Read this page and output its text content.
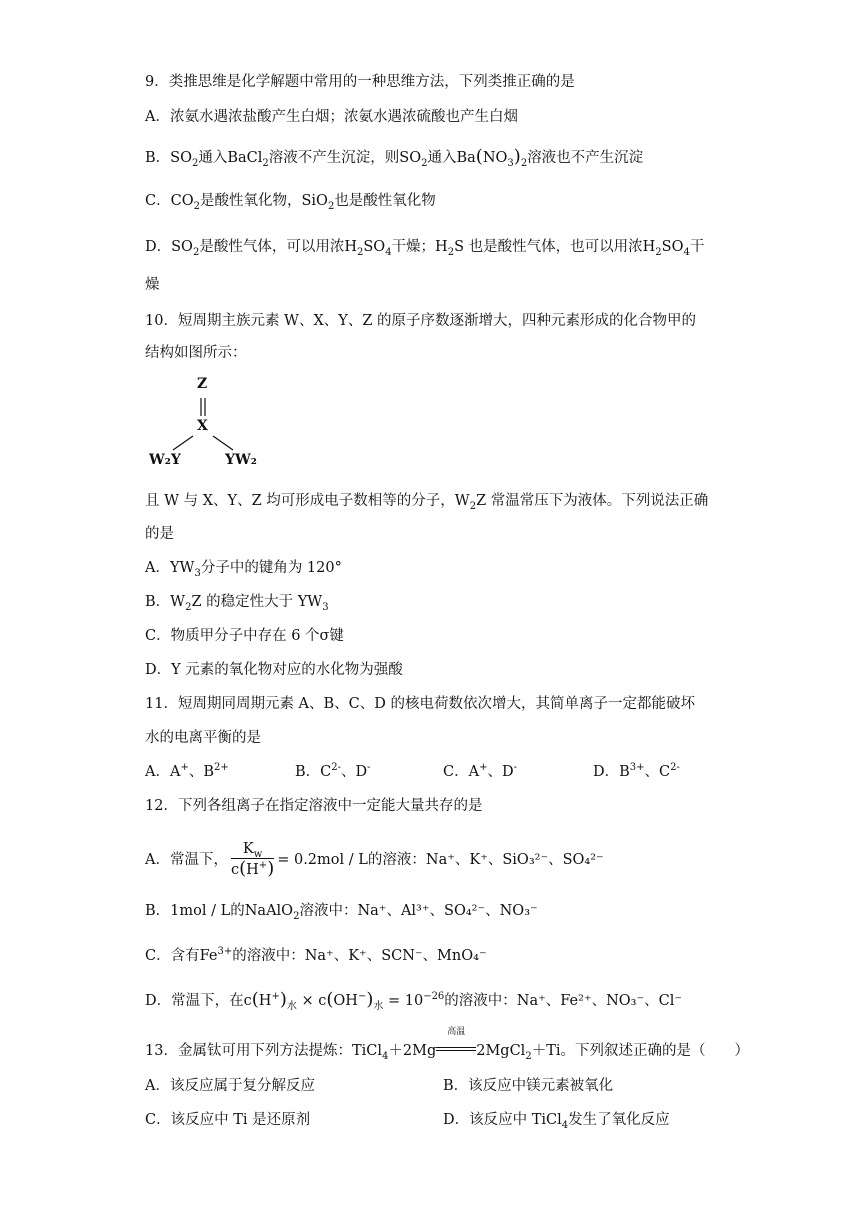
9．类推思维是化学解题中常用的一种思维方法，下列类推正确的是
A．浓氨水遇浓盐酸产生白烟；浓氨水遇浓硫酸也产生白烟
B．$SO_2$通入BaCl$_2$溶液不产生沉淀，则$SO_2$通入$Ba(NO_3)_2$溶液也不产生沉淀
C．$CO_2$是酸性氧化物，SiO$_2$也是酸性氧化物
D．$SO_2$是酸性气体，可以用浓$H_2SO_4$干燥；$H_2S$ 也是酸性气体，也可以用浓$H_2SO_4$干
燥
10．短周期主族元素 W、X、Y、Z 的原子序数逐渐增大，四种元素形成的化合物甲的
结构如图所示：
Z
X
W₂Y	YW₂
且 W 与 X、Y、Z 均可形成电子数相等的分子，$W_2Z$ 常温常压下为液体。下列说法正确
的是
A．$YW_3$分子中的键角为 120°
B．$W_2Z$ 的稳定性大于 $YW_3$
C．物质甲分子中存在 6 个σ键
D．Y 元素的氧化物对应的水化物为强酸
11．短周期同周期元素 A、B、C、D 的核电荷数依次增大，其简单离子一定都能破坏
水的电离平衡的是
A．A+、$B^{2+}$	B．$C^{2-}$、D-	C．A+、D-	D．$B^{3+}$、$C^{2-}$
12．下列各组离子在指定溶液中一定能大量共存的是
A．常温下， $\frac{K_w}{c(H^+)} = 0.2mol / L$的溶液：Na⁺、K⁺、SiO₃²⁻、SO₄²⁻
B．1mol / L的NaAlO$_2$溶液中：Na⁺、Al³⁺、SO₄²⁻、NO₃⁻
C．含有$Fe^{3+}$的溶液中：Na⁺、K⁺、SCN⁻、MnO₄⁻
D．常温下，在$c(H^+)_水 \times c(OH^-)_水 = 10^{-26}$的溶液中：Na⁺、Fe²⁺、NO₃⁻、Cl⁻
13．金属钛可用下列方法提炼：TiCl$_4$＋2Mg
高温
2MgCl$_2$＋Ti。下列叙述正确的是（　　）
A．该反应属于复分解反应	B．该反应中镁元素被氧化
C．该反应中 Ti 是还原剂	D．该反应中 TiCl$_4$发生了氧化反应
